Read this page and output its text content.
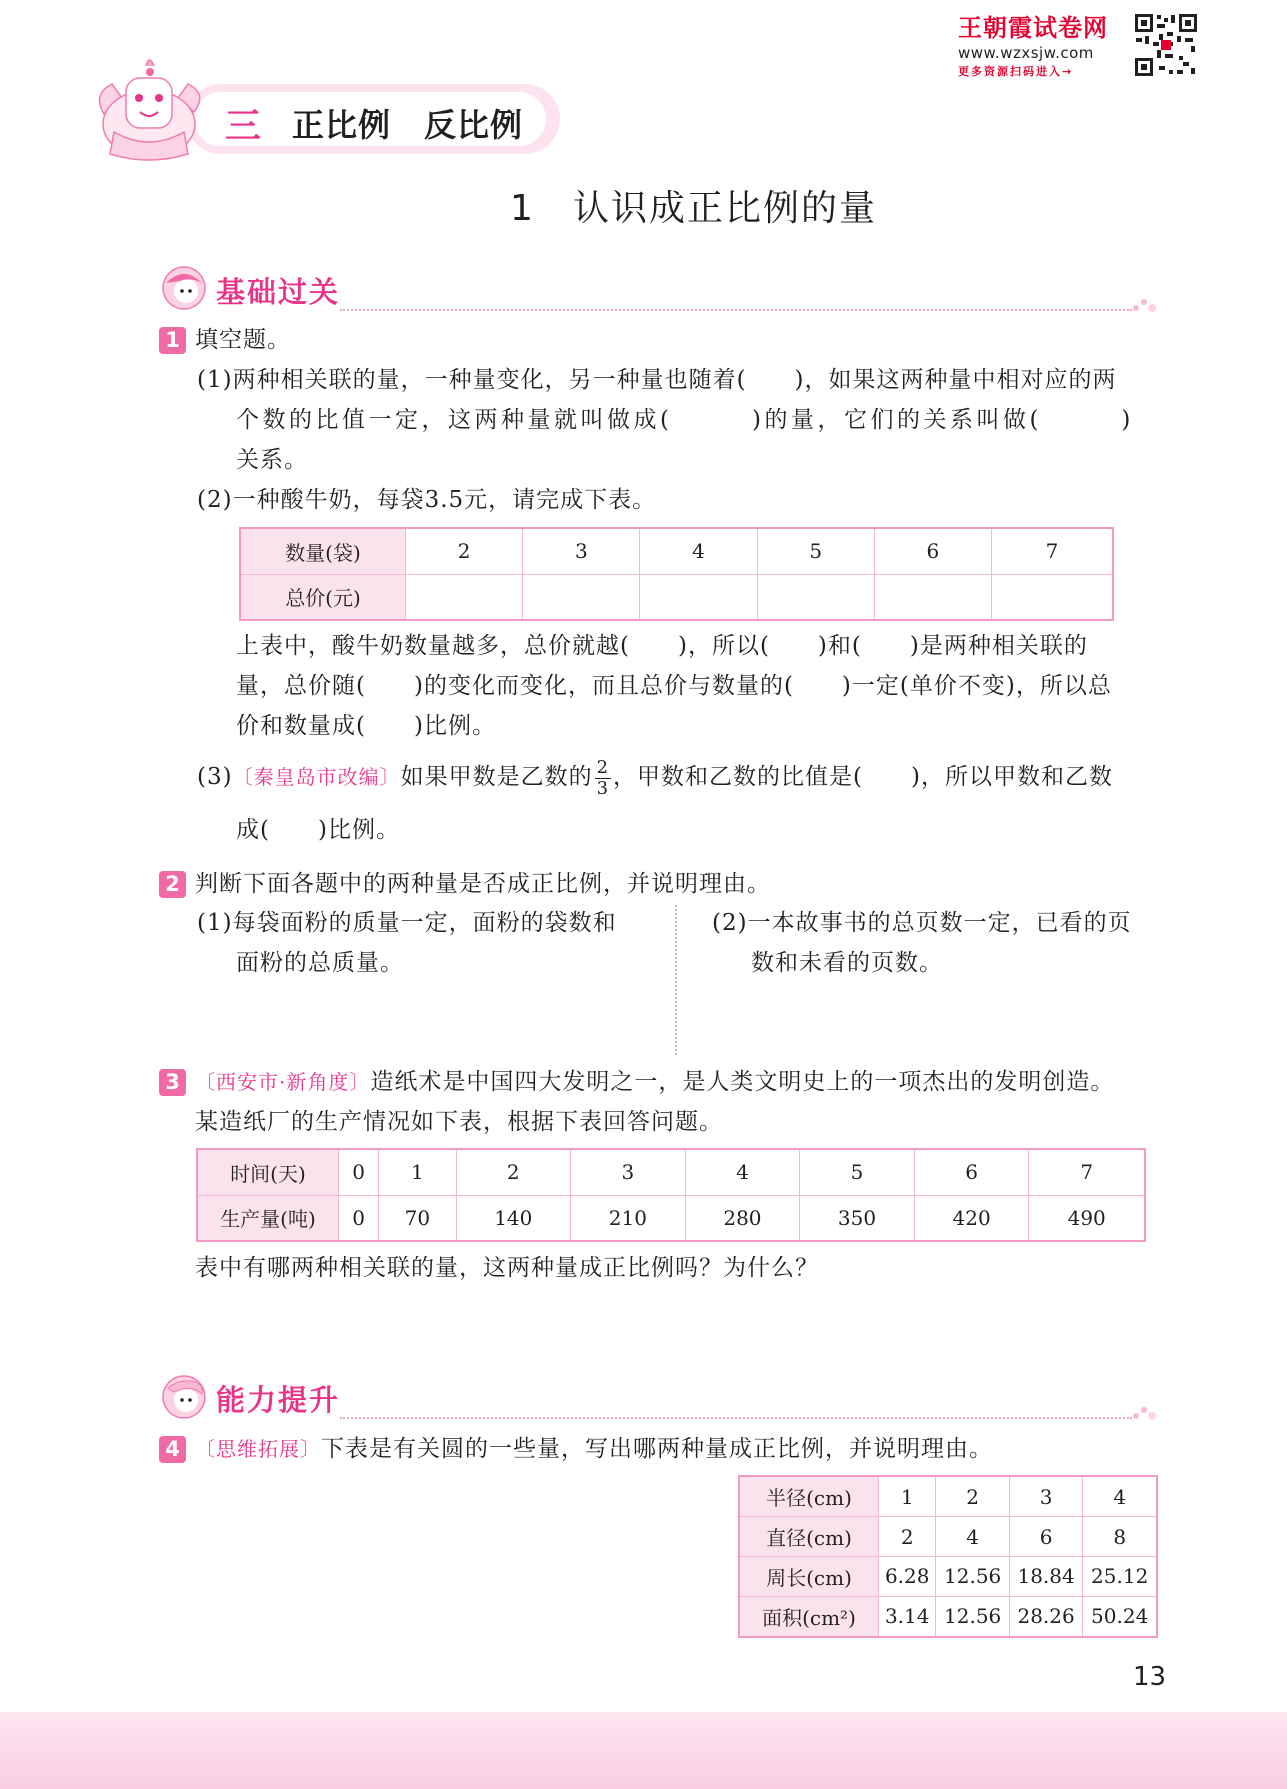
王朝霞试卷网
www.wzxsjw.com
更多资源扫码进入→
三 正比例　反比例
1　认识成正比例的量
基础过关
1 填空题。
(1)两种相关联的量，一种量变化，另一种量也随着(　　)，如果这两种量中相对应的两
个数的比值一定，这两种量就叫做成(　　　)的量，它们的关系叫做(　　　)
关系。
(2)一种酸牛奶，每袋3.5元，请完成下表。
数量(袋)	2	3	4	5	6	7
总价(元)						
上表中，酸牛奶数量越多，总价就越(　　)，所以(　　)和(　　)是两种相关联的
量，总价随(　　)的变化而变化，而且总价与数量的(　　)一定(单价不变)，所以总
价和数量成(　　)比例。
(3)〔秦皇岛市改编〕如果甲数是乙数的 $\frac{2}{3}$ ，甲数和乙数的比值是(　　)，所以甲数和乙数
成(　　)比例。
2 判断下面各题中的两种量是否成正比例，并说明理由。
(1)每袋面粉的质量一定，面粉的袋数和
面粉的总质量。
(2)一本故事书的总页数一定，已看的页
数和未看的页数。
3 〔西安市·新角度〕造纸术是中国四大发明之一，是人类文明史上的一项杰出的发明创造。
某造纸厂的生产情况如下表，根据下表回答问题。
时间(天)	0	1	2	3	4	5	6	7
生产量(吨)	0	70	140	210	280	350	420	490
表中有哪两种相关联的量，这两种量成正比例吗？为什么？
能力提升
4 〔思维拓展〕下表是有关圆的一些量，写出哪两种量成正比例，并说明理由。
半径(cm)	1	2	3	4
直径(cm)	2	4	6	8
周长(cm)	6.28	12.56	18.84	25.12
面积(cm²)	3.14	12.56	28.26	50.24
13
